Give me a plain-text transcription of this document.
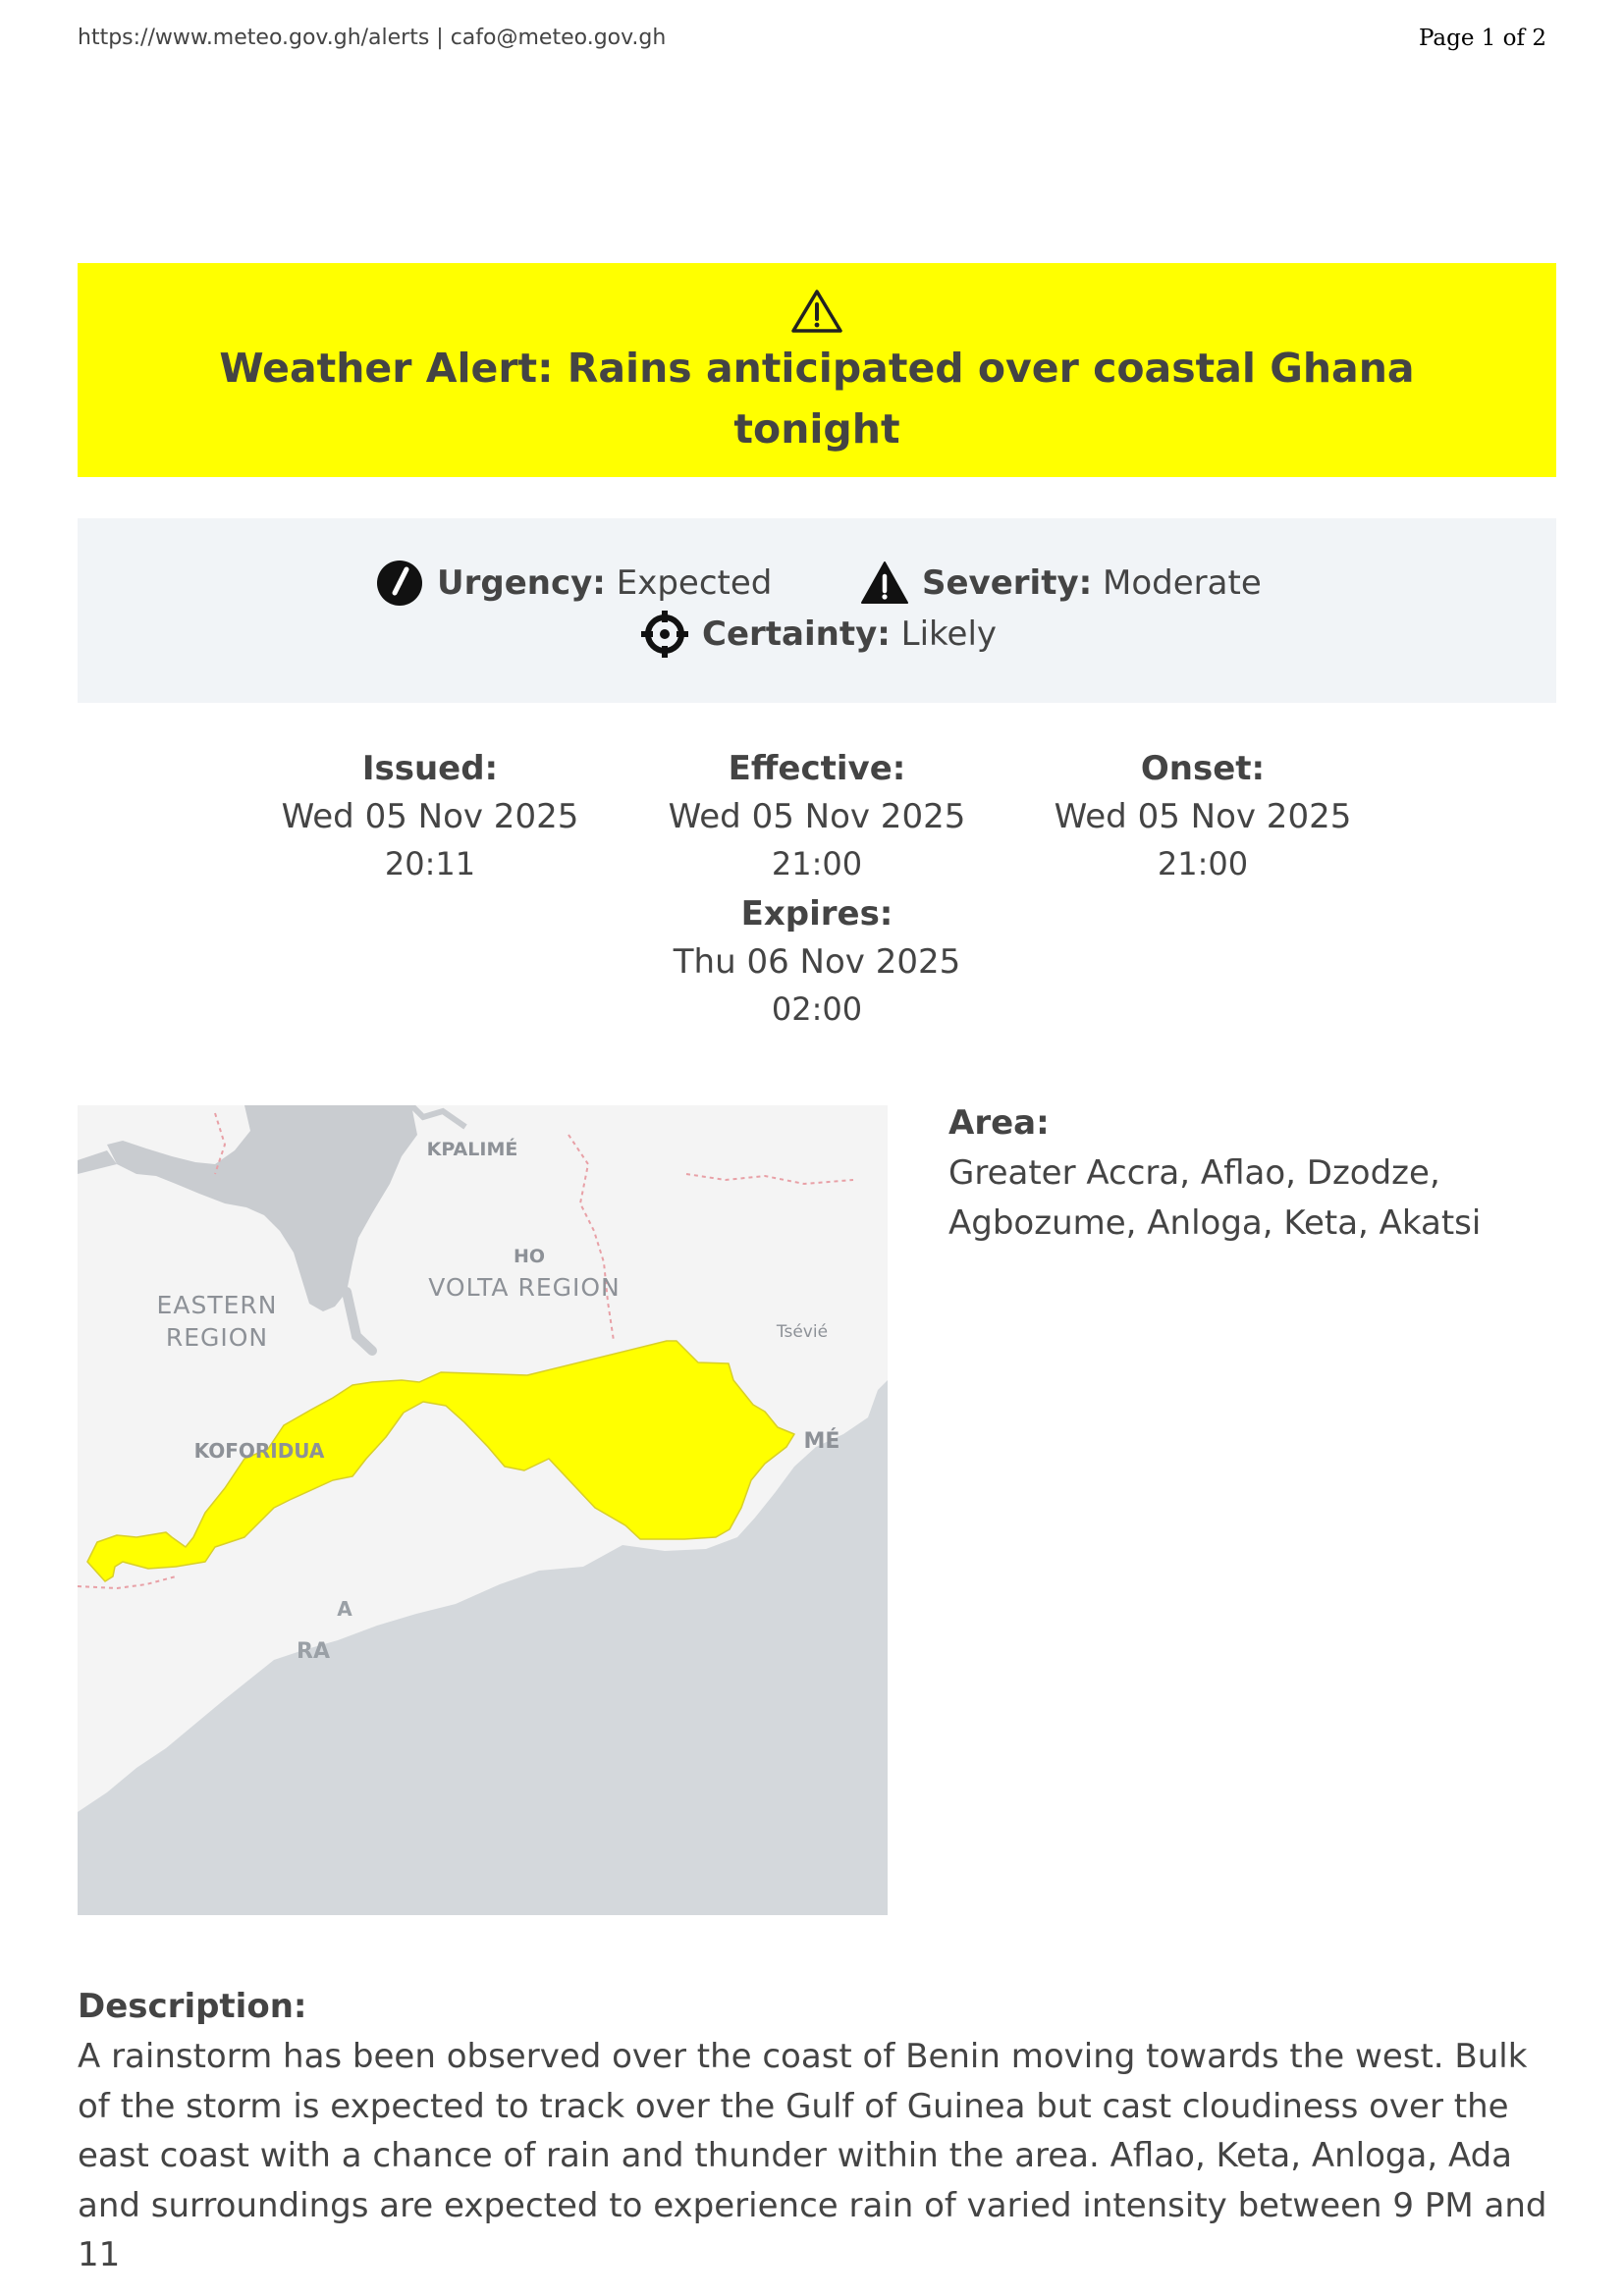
https://www.meteo.gov.gh/alerts | cafo@meteo.gov.gh	Page 1 of 2
Weather Alert: Rains anticipated over coastal Ghana tonight
Urgency: Expected	Severity: Moderate
Certainty: Likely
Issued:
Wed 05 Nov 2025
20:11
Effective:
Wed 05 Nov 2025
21:00
Onset:
Wed 05 Nov 2025
21:00
Expires:
Thu 06 Nov 2025
02:00
KPALIMÉ
HO
VOLTA REGION
EASTERN
REGION	Tsévié
KOFORIDUA	MÉ
A
RA
Area:
Greater Accra, Aflao, Dzodze, Agbozume, Anloga, Keta, Akatsi
Description:
A rainstorm has been observed over the coast of Benin moving towards the west. Bulk of the storm is expected to track over the Gulf of Guinea but cast cloudiness over the east coast with a chance of rain and thunder within the area. Aflao, Keta, Anloga, Ada and surroundings are expected to experience rain of varied intensity between 9 PM and 11
